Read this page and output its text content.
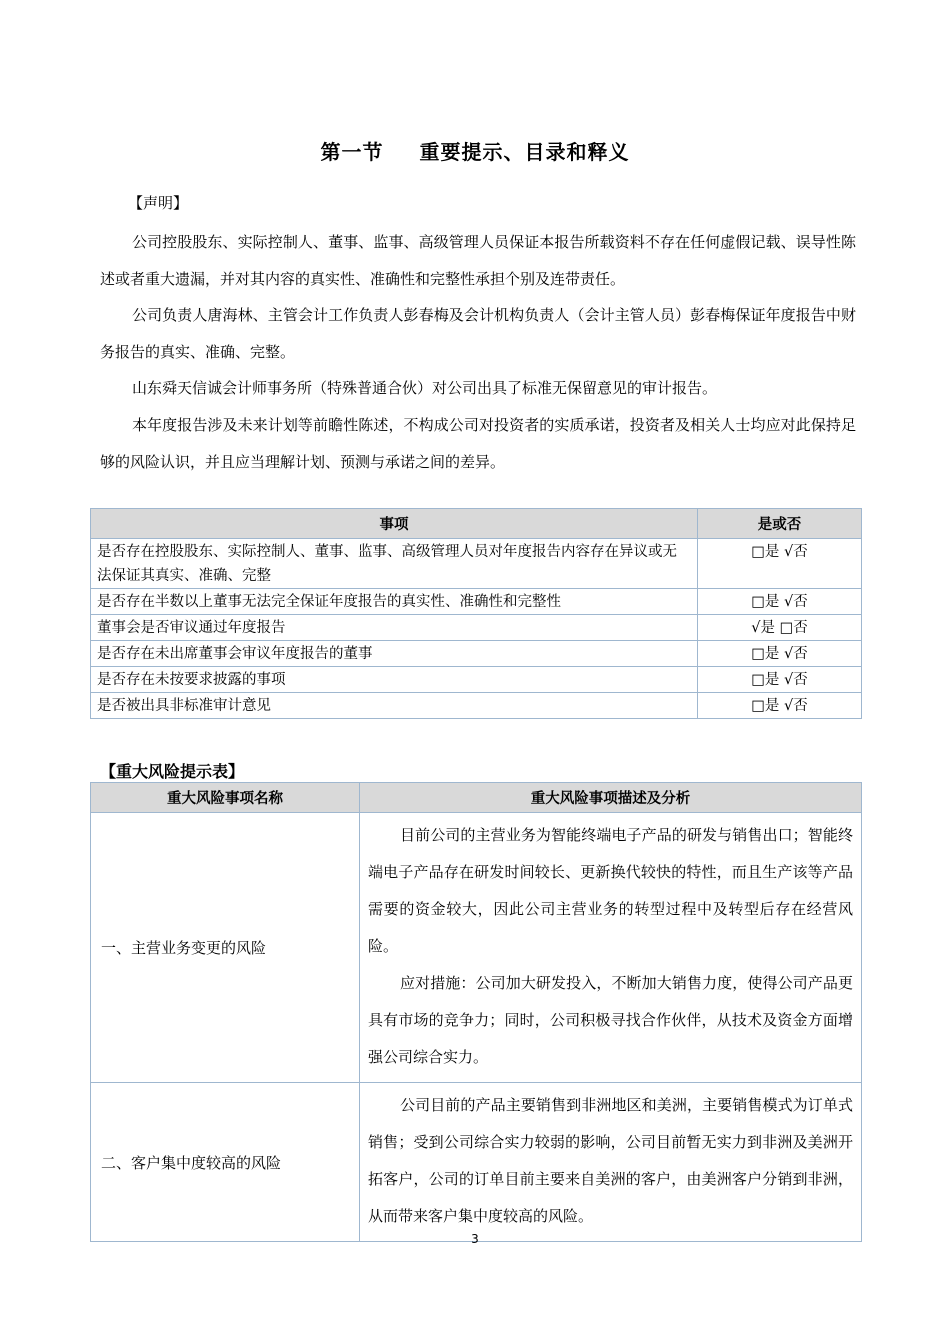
第一节 重要提示、目录和释义
【声明】

公司控股股东、实际控制人、董事、监事、高级管理人员保证本报告所载资料不存在任何虚假记载、误导性陈述或者重大遗漏，并对其内容的真实性、准确性和完整性承担个别及连带责任。

公司负责人唐海林、主管会计工作负责人彭春梅及会计机构负责人（会计主管人员）彭春梅保证年度报告中财务报告的真实、准确、完整。

山东舜天信诚会计师事务所（特殊普通合伙）对公司出具了标准无保留意见的审计报告。

本年度报告涉及未来计划等前瞻性陈述，不构成公司对投资者的实质承诺，投资者及相关人士均应对此保持足够的风险认识，并且应当理解计划、预测与承诺之间的差异。

事项	是或否
是否存在控股股东、实际控制人、董事、监事、高级管理人员对年度报告内容存在异议或无法保证其真实、准确、完整	□是 √否
是否存在半数以上董事无法完全保证年度报告的真实性、准确性和完整性	□是 √否
董事会是否审议通过年度报告	√是 □否
是否存在未出席董事会审议年度报告的董事	□是 √否
是否存在未按要求披露的事项	□是 √否
是否被出具非标准审计意见	□是 √否
【重大风险提示表】
重大风险事项名称	重大风险事项描述及分析
一、主营业务变更的风险	目前公司的主营业务为智能终端电子产品的研发与销售出口；智能终端电子产品存在研发时间较长、更新换代较快的特性，而且生产该等产品需要的资金较大，因此公司主营业务的转型过程中及转型后存在经营风险。

应对措施：公司加大研发投入，不断加大销售力度，使得公司产品更具有市场的竞争力；同时，公司积极寻找合作伙伴，从技术及资金方面增强公司综合实力。

二、客户集中度较高的风险	公司目前的产品主要销售到非洲地区和美洲，主要销售模式为订单式销售；受到公司综合实力较弱的影响，公司目前暂无实力到非洲及美洲开拓客户，公司的订单目前主要来自美洲的客户，由美洲客户分销到非洲，从而带来客户集中度较高的风险。

3
